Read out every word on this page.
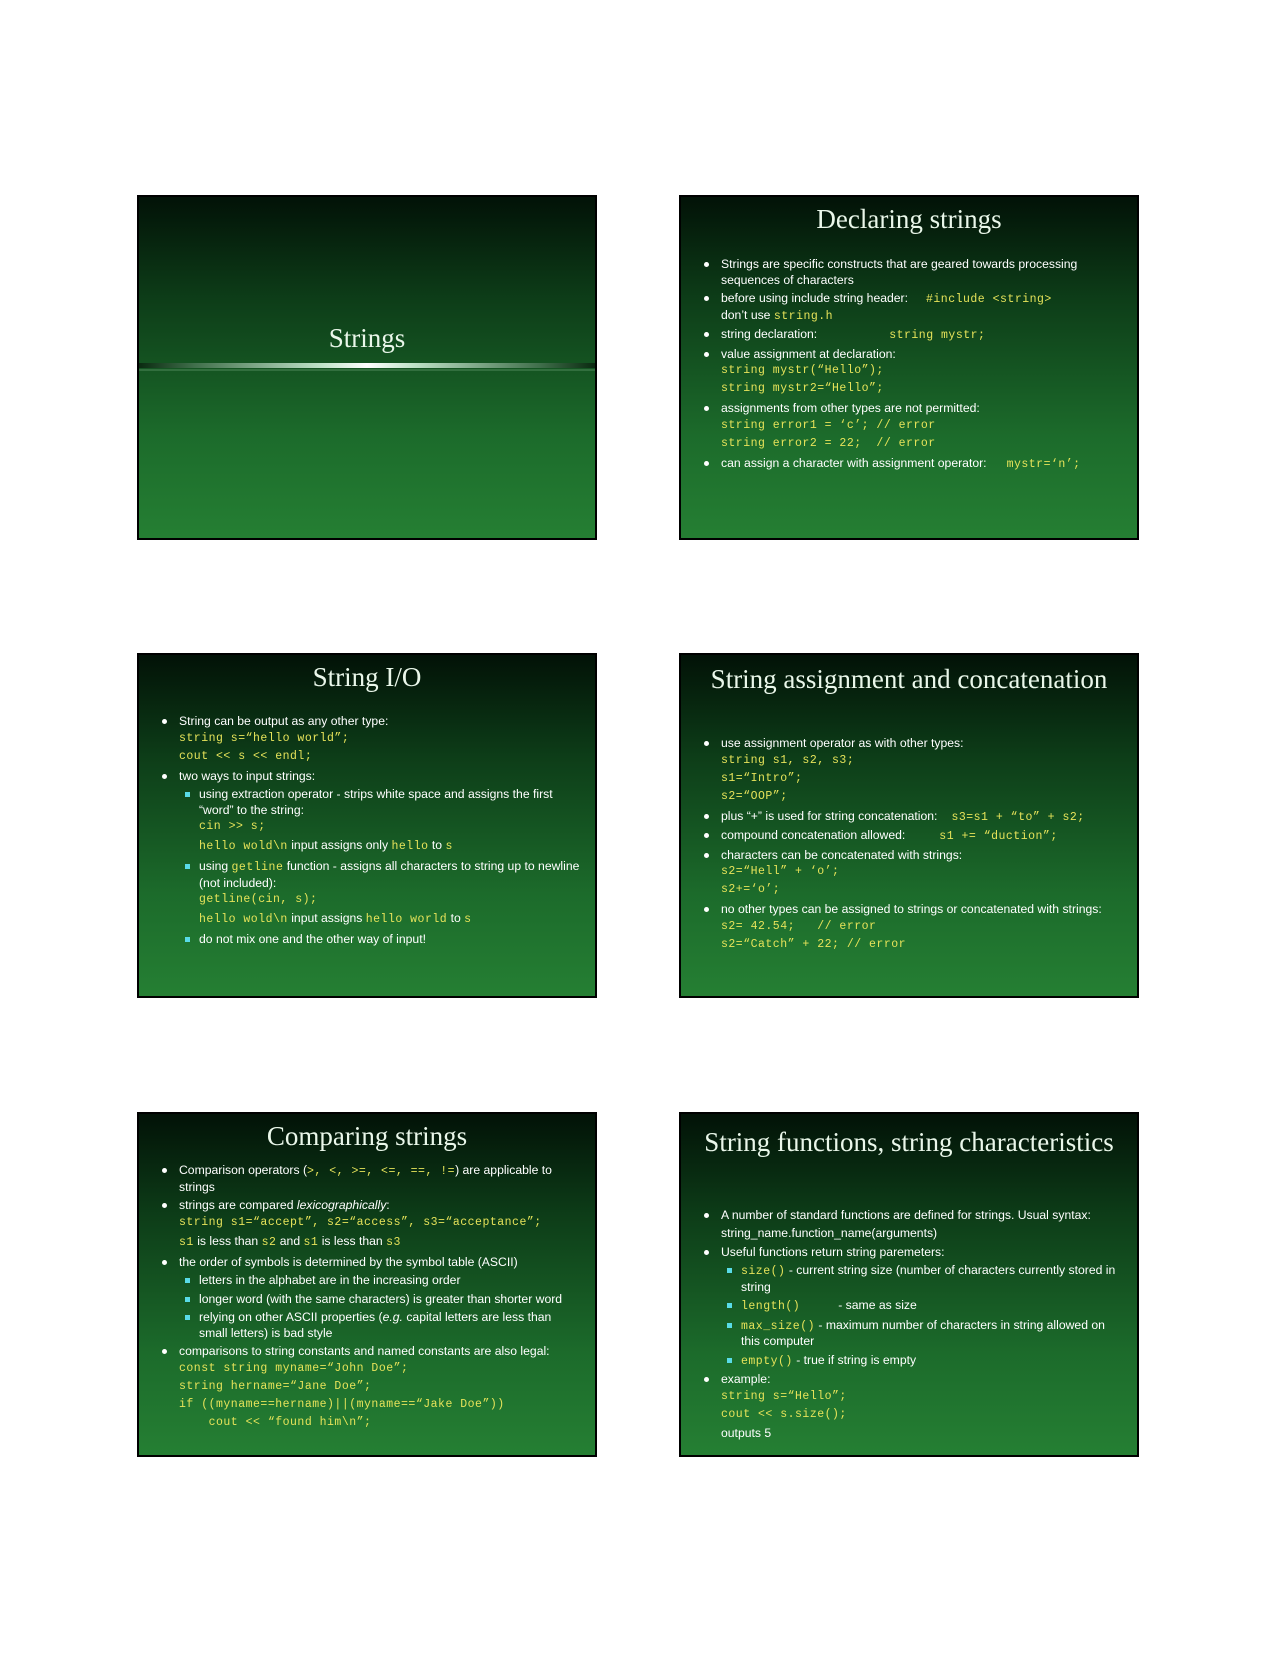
Strings
Declaring strings
Strings are specific constructs that are geared towards processing sequences of characters
before using include string header: #include <string>
don’t use string.h
string declaration:	string mystr;
value assignment at declaration:
string mystr(“Hello”);
string mystr2=“Hello”;
assignments from other types are not permitted:
string error1 = ‘c’; // error
string error2 = 22;  // error
can assign a character with assignment operator: mystr=‘n’;
String I/O
String can be output as any other type:
string s=“hello world”;
cout << s << endl;
two ways to input strings:
using extraction operator - strips white space and assigns the first “word” to the string:
cin >> s;
hello wold\n input assigns only hello to s
using getline function - assigns all characters to string up to newline (not included):
getline(cin, s);
hello wold\n input assigns hello world to s
do not mix one and the other way of input!
String assignment and concatenation
use assignment operator as with other types:
string s1, s2, s3;
s1=“Intro”;
s2=“OOP”;
plus “+” is used for string concatenation: s3=s1 + “to” + s2;
compound concatenation allowed:	s1 += “duction”;
characters can be concatenated with strings:
s2=“Hell” + ‘o’;
s2+=‘o’;
no other types can be assigned to strings or concatenated with strings:
s2= 42.54;   // error
s2=“Catch” + 22; // error
Comparing strings
Comparison operators (>, <, >=, <=, ==, !=) are applicable to strings
strings are compared lexicographically:
string s1=“accept”, s2=“access”, s3=“acceptance”;
s1 is less than s2 and s1 is less than s3
the order of symbols is determined by the symbol table (ASCII)
letters in the alphabet are in the increasing order
longer word (with the same characters) is greater than shorter word
relying on other ASCII properties (e.g. capital letters are less than small letters) is bad style
comparisons to string constants and named constants are also legal:
const string myname=“John Doe”;
string hername=“Jane Doe”;
if ((myname==hername)||(myname==“Jake Doe”))
cout << “found him\n”;
String functions, string characteristics
A number of standard functions are defined for strings. Usual syntax:
string_name.function_name(arguments)
Useful functions return string paremeters:
size() - current string size (number of characters currently stored in string
length()	- same as size
max_size() - maximum number of characters in string allowed on this computer
empty() - true if string is empty
example:
string s=“Hello”;
cout << s.size();
outputs 5
